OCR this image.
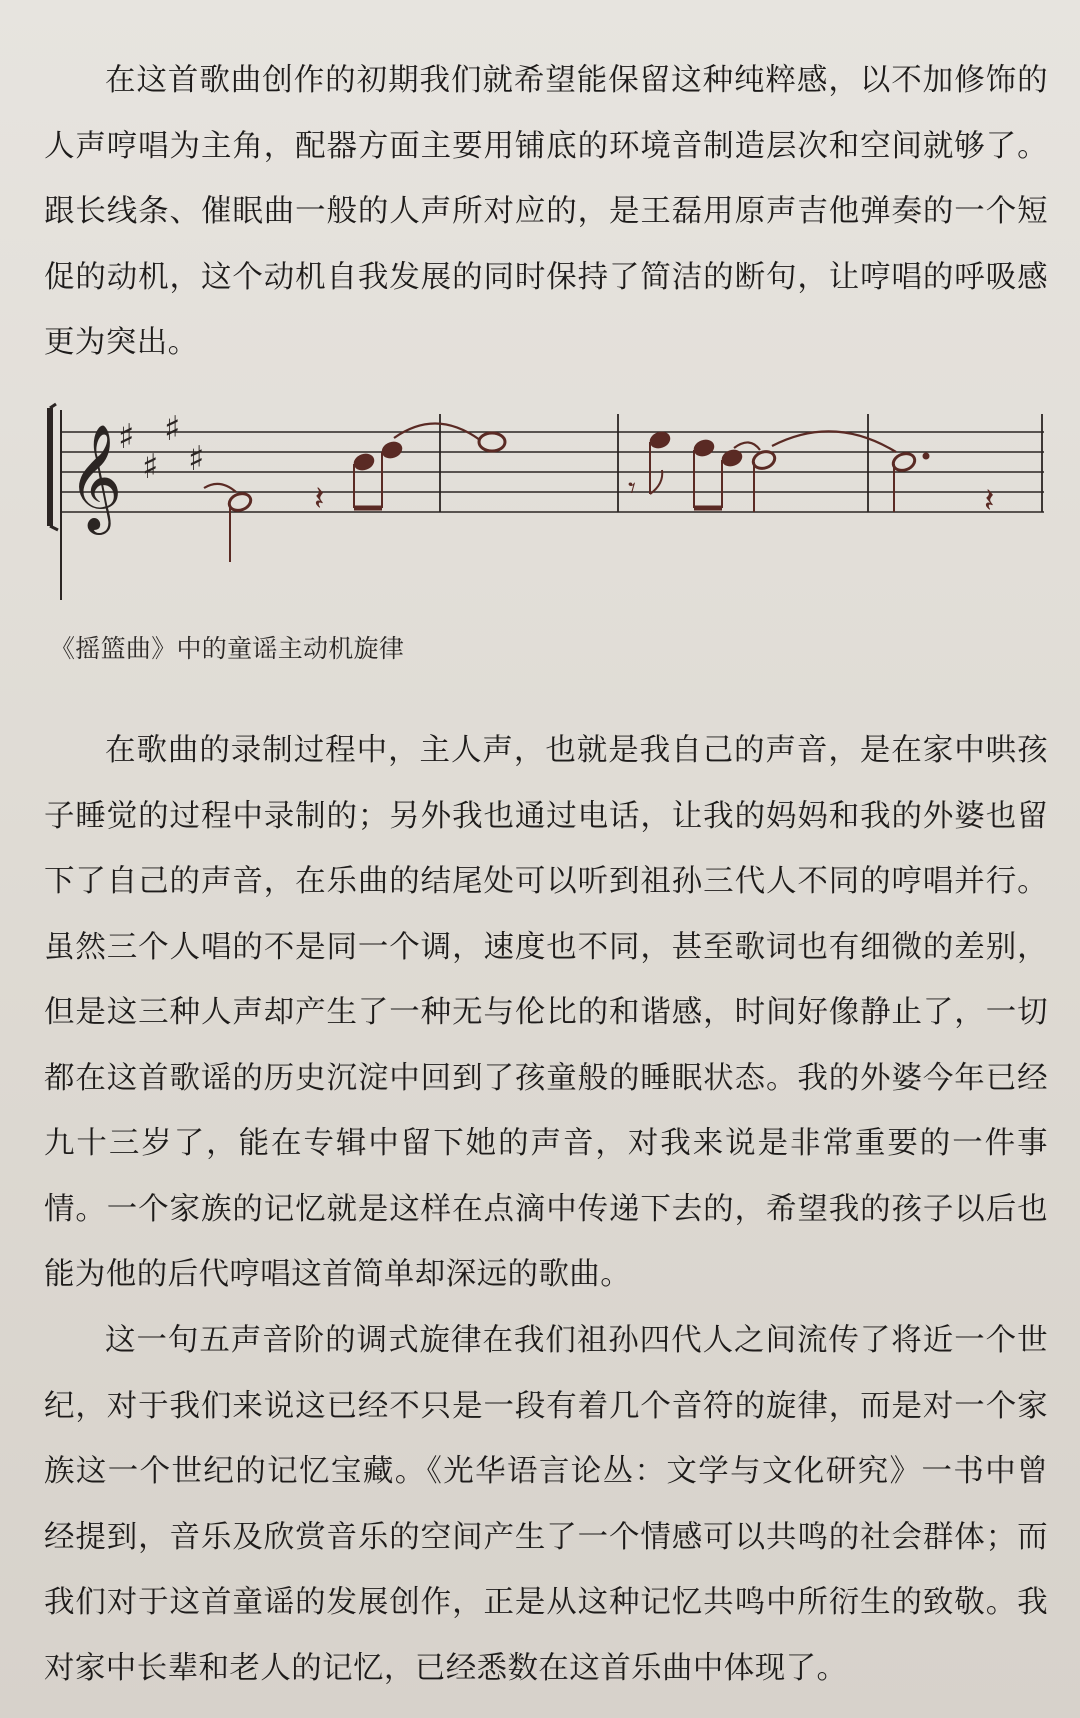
在这首歌曲创作的初期我们就希望能保留这种纯粹感，以不加修饰的人声哼唱为主角，配器方面主要用铺底的环境音制造层次和空间就够了。跟长线条、催眠曲一般的人声所对应的，是王磊用原声吉他弹奏的一个短促的动机，这个动机自我发展的同时保持了简洁的断句，让哼唱的呼吸感更为突出。

𝄞
♯
♯
♯
♯
𝄽	𝄾	𝄽

《摇篮曲》中的童谣主动机旋律

在歌曲的录制过程中，主人声，也就是我自己的声音，是在家中哄孩子睡觉的过程中录制的；另外我也通过电话，让我的妈妈和我的外婆也留下了自己的声音，在乐曲的结尾处可以听到祖孙三代人不同的哼唱并行。虽然三个人唱的不是同一个调，速度也不同，甚至歌词也有细微的差别，但是这三种人声却产生了一种无与伦比的和谐感，时间好像静止了，一切都在这首歌谣的历史沉淀中回到了孩童般的睡眠状态。我的外婆今年已经九十三岁了，能在专辑中留下她的声音，对我来说是非常重要的一件事情。一个家族的记忆就是这样在点滴中传递下去的，希望我的孩子以后也能为他的后代哼唱这首简单却深远的歌曲。

这一句五声音阶的调式旋律在我们祖孙四代人之间流传了将近一个世纪，对于我们来说这已经不只是一段有着几个音符的旋律，而是对一个家族这一个世纪的记忆宝藏。《光华语言论丛：文学与文化研究》一书中曾经提到，音乐及欣赏音乐的空间产生了一个情感可以共鸣的社会群体；而我们对于这首童谣的发展创作，正是从这种记忆共鸣中所衍生的致敬。我对家中长辈和老人的记忆，已经悉数在这首乐曲中体现了。
